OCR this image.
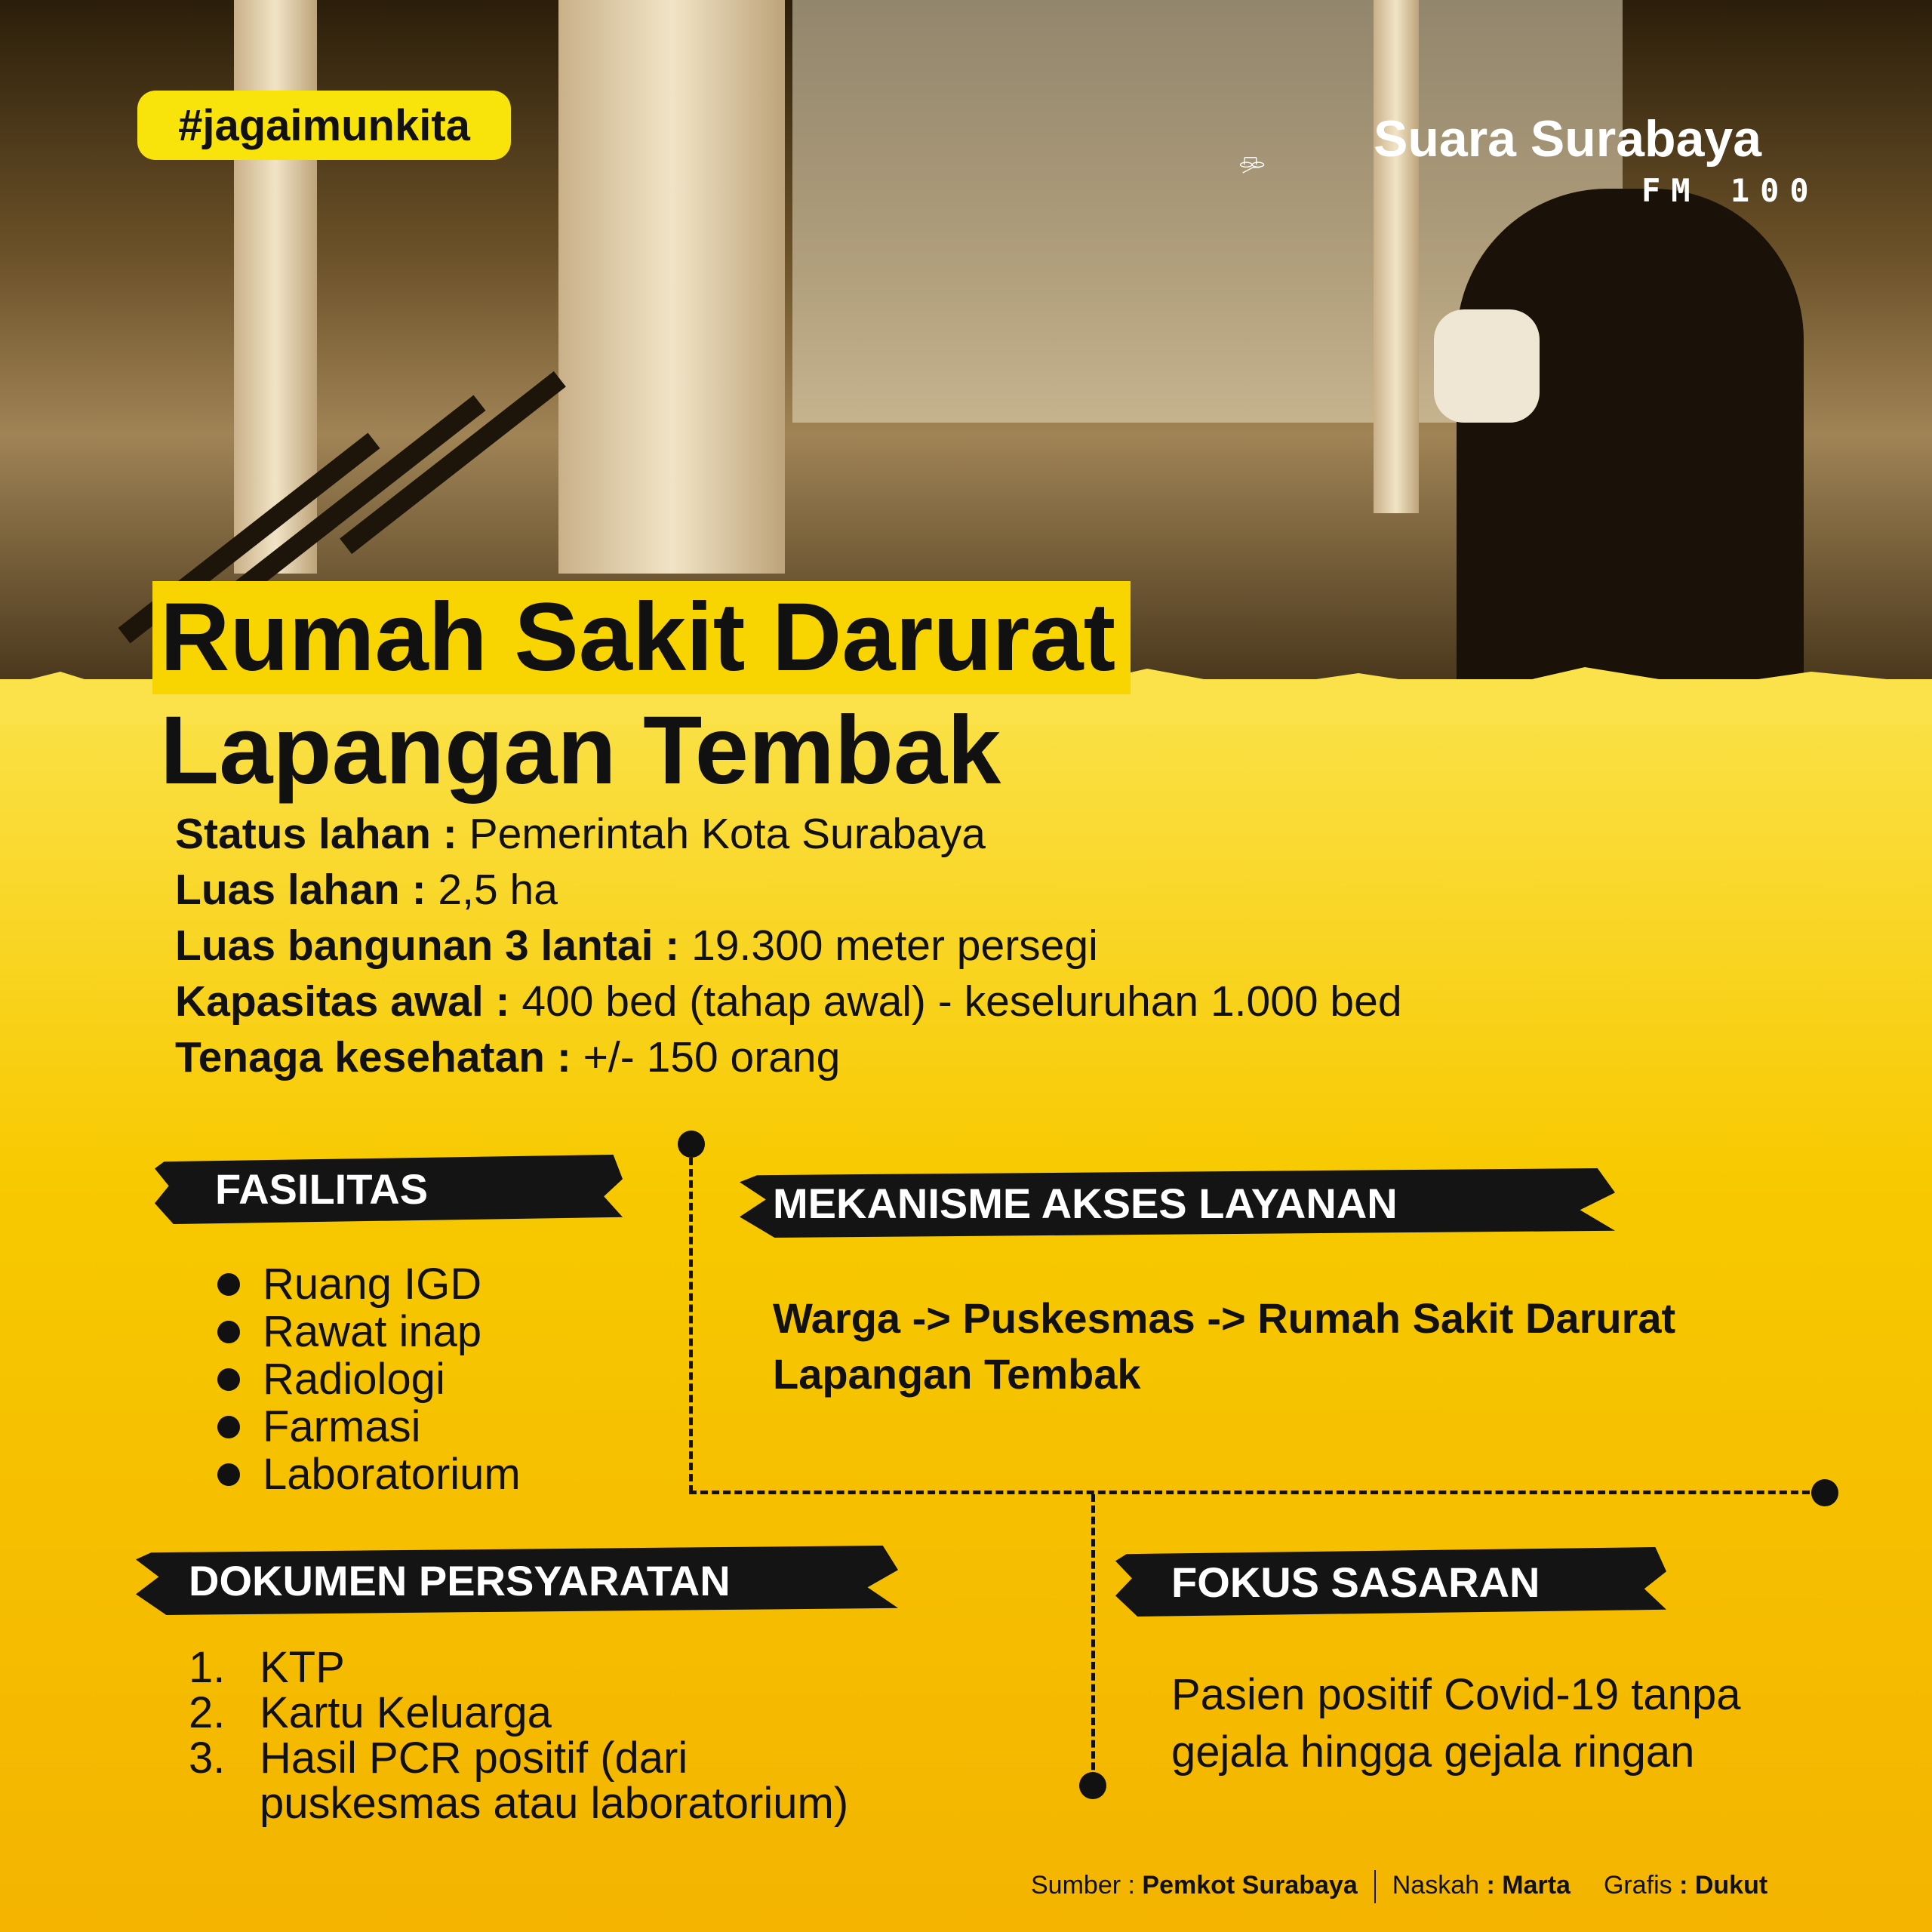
#jagaimunkita	Suara Surabaya
FM 100
Rumah Sakit Darurat
Lapangan Tembak
Status lahan : Pemerintah Kota Surabaya
Luas lahan : 2,5 ha
Luas bangunan 3 lantai : 19.300 meter persegi
Kapasitas awal : 400 bed (tahap awal) - keseluruhan 1.000 bed
Tenaga kesehatan : +/- 150 orang
FASILITAS
Ruang IGD
Rawat inap
Radiologi
Farmasi
Laboratorium
MEKANISME AKSES LAYANAN
Warga -> Puskesmas -> Rumah Sakit Darurat
Lapangan Tembak
DOKUMEN PERSYARATAN
1. KTP
2. Kartu Keluarga
3. Hasil PCR positif (dari
puskesmas atau laboratorium)
FOKUS SASARAN
Pasien positif Covid-19 tanpa
gejala hingga gejala ringan
Sumber : Pemkot Surabaya Naskah : Marta Grafis : Dukut
